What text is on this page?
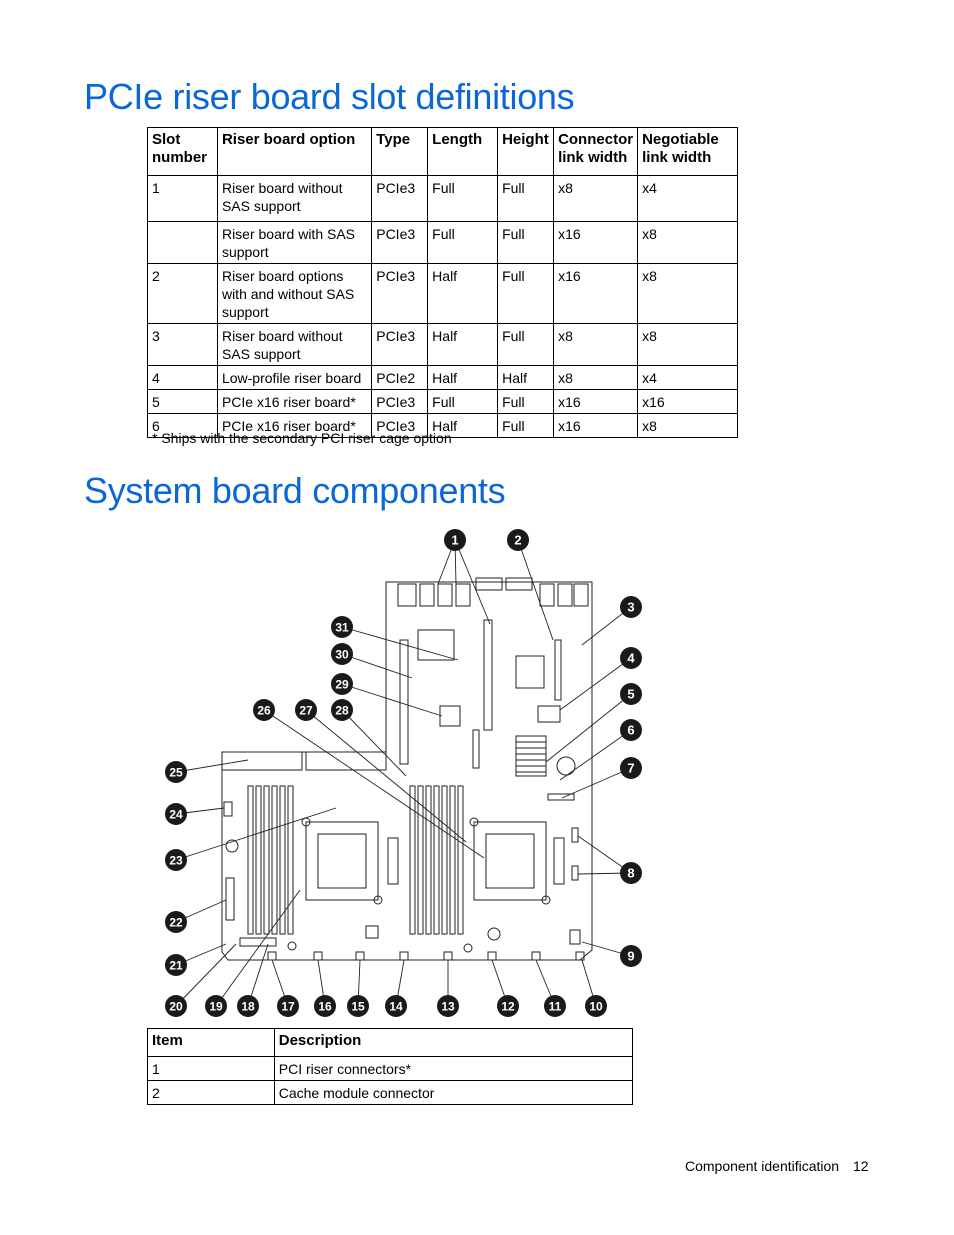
PCIe riser board slot definitions
Slot number	Riser board option	Type	Length	Height	Connector link width	Negotiable link width
1	Riser board without SAS support	PCIe3	Full	Full	x8	x4
	Riser board with SAS support	PCIe3	Full	Full	x16	x8
2	Riser board options with and without SAS support	PCIe3	Half	Full	x16	x8
3	Riser board without SAS support	PCIe3	Half	Full	x8	x8
4	Low-profile riser board	PCIe2	Half	Half	x8	x4
5	PCIe x16 riser board*	PCIe3	Full	Full	x16	x16
6	PCIe x16 riser board*	PCIe3	Half	Full	x16	x8
* Ships with the secondary PCI riser cage option
System board components
1	2
3
4
5
6
7
8
9
10
11
12
13
14
15
16
17
18
19
20
21
22
23
24
25
26 27 28
29
30
31
Item	Description
1	PCI riser connectors*
2	Cache module connector
Component identification 12
